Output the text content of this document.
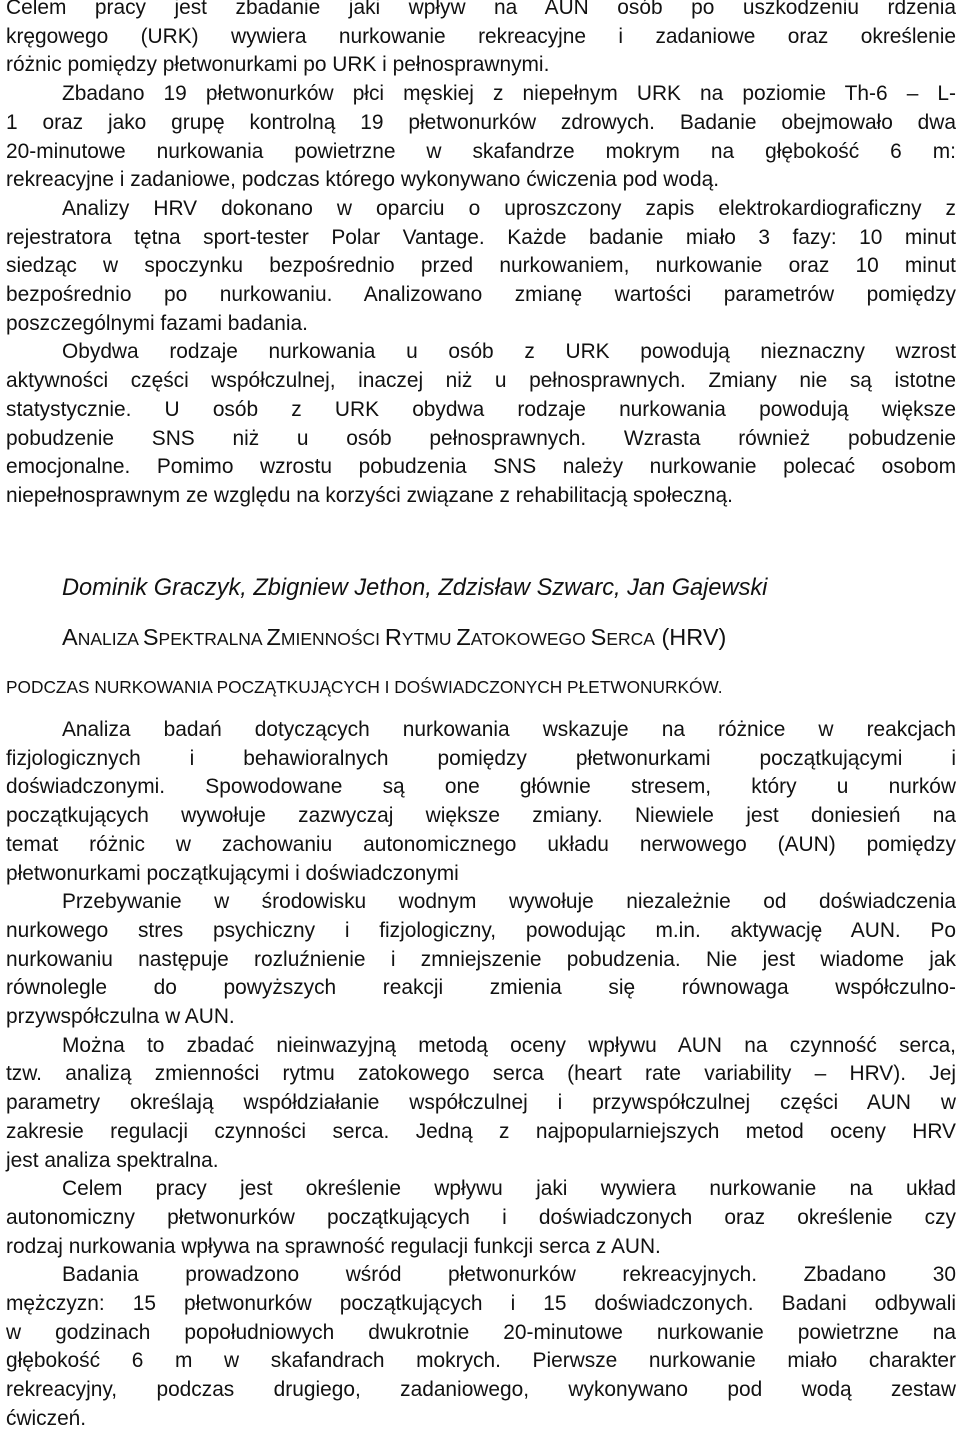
Celem pracy jest zbadanie jaki wpływ na AUN osób po uszkodzeniu rdzenia
kręgowego (URK) wywiera nurkowanie rekreacyjne i zadaniowe oraz określenie
różnic pomiędzy płetwonurkami po URK i pełnosprawnymi.
Zbadano 19 płetwonurków płci męskiej z niepełnym URK na poziomie Th-6 – L-
1 oraz jako grupę kontrolną 19 płetwonurków zdrowych. Badanie obejmowało dwa
20-minutowe nurkowania powietrzne w skafandrze mokrym na głębokość 6 m:
rekreacyjne i zadaniowe, podczas którego wykonywano ćwiczenia pod wodą.
Analizy HRV dokonano w oparciu o uproszczony zapis elektrokardiograficzny z
rejestratora tętna sport-tester Polar Vantage. Każde badanie miało 3 fazy: 10 minut
siedząc w spoczynku bezpośrednio przed nurkowaniem, nurkowanie oraz 10 minut
bezpośrednio po nurkowaniu. Analizowano zmianę wartości parametrów pomiędzy
poszczególnymi fazami badania.
Obydwa rodzaje nurkowania u osób z URK powodują nieznaczny wzrost
aktywności części współczulnej, inaczej niż u pełnosprawnych. Zmiany nie są istotne
statystycznie. U osób z URK obydwa rodzaje nurkowania powodują większe
pobudzenie SNS niż u osób pełnosprawnych. Wzrasta również pobudzenie
emocjonalne. Pomimo wzrostu pobudzenia SNS należy nurkowanie polecać osobom
niepełnosprawnym ze względu na korzyści związane z rehabilitacją społeczną.
Dominik Graczyk, Zbigniew Jethon, Zdzisław Szwarc, Jan Gajewski
ANALIZA SPEKTRALNA ZMIENNOŚCI RYTMU ZATOKOWEGO SERCA (HRV)
PODCZAS NURKOWANIA POCZĄTKUJĄCYCH I DOŚWIADCZONYCH PŁETWONURKÓW.
Analiza badań dotyczących nurkowania wskazuje na różnice w reakcjach
fizjologicznych i behawioralnych pomiędzy płetwonurkami początkującymi i
doświadczonymi. Spowodowane są one głównie stresem, który u nurków
początkujących wywołuje zazwyczaj większe zmiany. Niewiele jest doniesień na
temat różnic w zachowaniu autonomicznego układu nerwowego (AUN) pomiędzy
płetwonurkami początkującymi i doświadczonymi
Przebywanie w środowisku wodnym wywołuje niezależnie od doświadczenia
nurkowego stres psychiczny i fizjologiczny, powodując m.in. aktywację AUN. Po
nurkowaniu następuje rozluźnienie i zmniejszenie pobudzenia. Nie jest wiadome jak
równolegle do powyższych reakcji zmienia się równowaga współczulno-
przywspółczulna w AUN.
Można to zbadać nieinwazyjną metodą oceny wpływu AUN na czynność serca,
tzw. analizą zmienności rytmu zatokowego serca (heart rate variability – HRV). Jej
parametry określają współdziałanie współczulnej i przywspółczulnej części AUN w
zakresie regulacji czynności serca. Jedną z najpopularniejszych metod oceny HRV
jest analiza spektralna.
Celem pracy jest określenie wpływu jaki wywiera nurkowanie na układ
autonomiczny płetwonurków początkujących i doświadczonych oraz określenie czy
rodzaj nurkowania wpływa na sprawność regulacji funkcji serca z AUN.
Badania prowadzono wśród płetwonurków rekreacyjnych. Zbadano 30
mężczyzn: 15 płetwonurków początkujących i 15 doświadczonych. Badani odbywali
w godzinach popołudniowych dwukrotnie 20-minutowe nurkowanie powietrzne na
głębokość 6 m w skafandrach mokrych. Pierwsze nurkowanie miało charakter
rekreacyjny, podczas drugiego, zadaniowego, wykonywano pod wodą zestaw
ćwiczeń.
